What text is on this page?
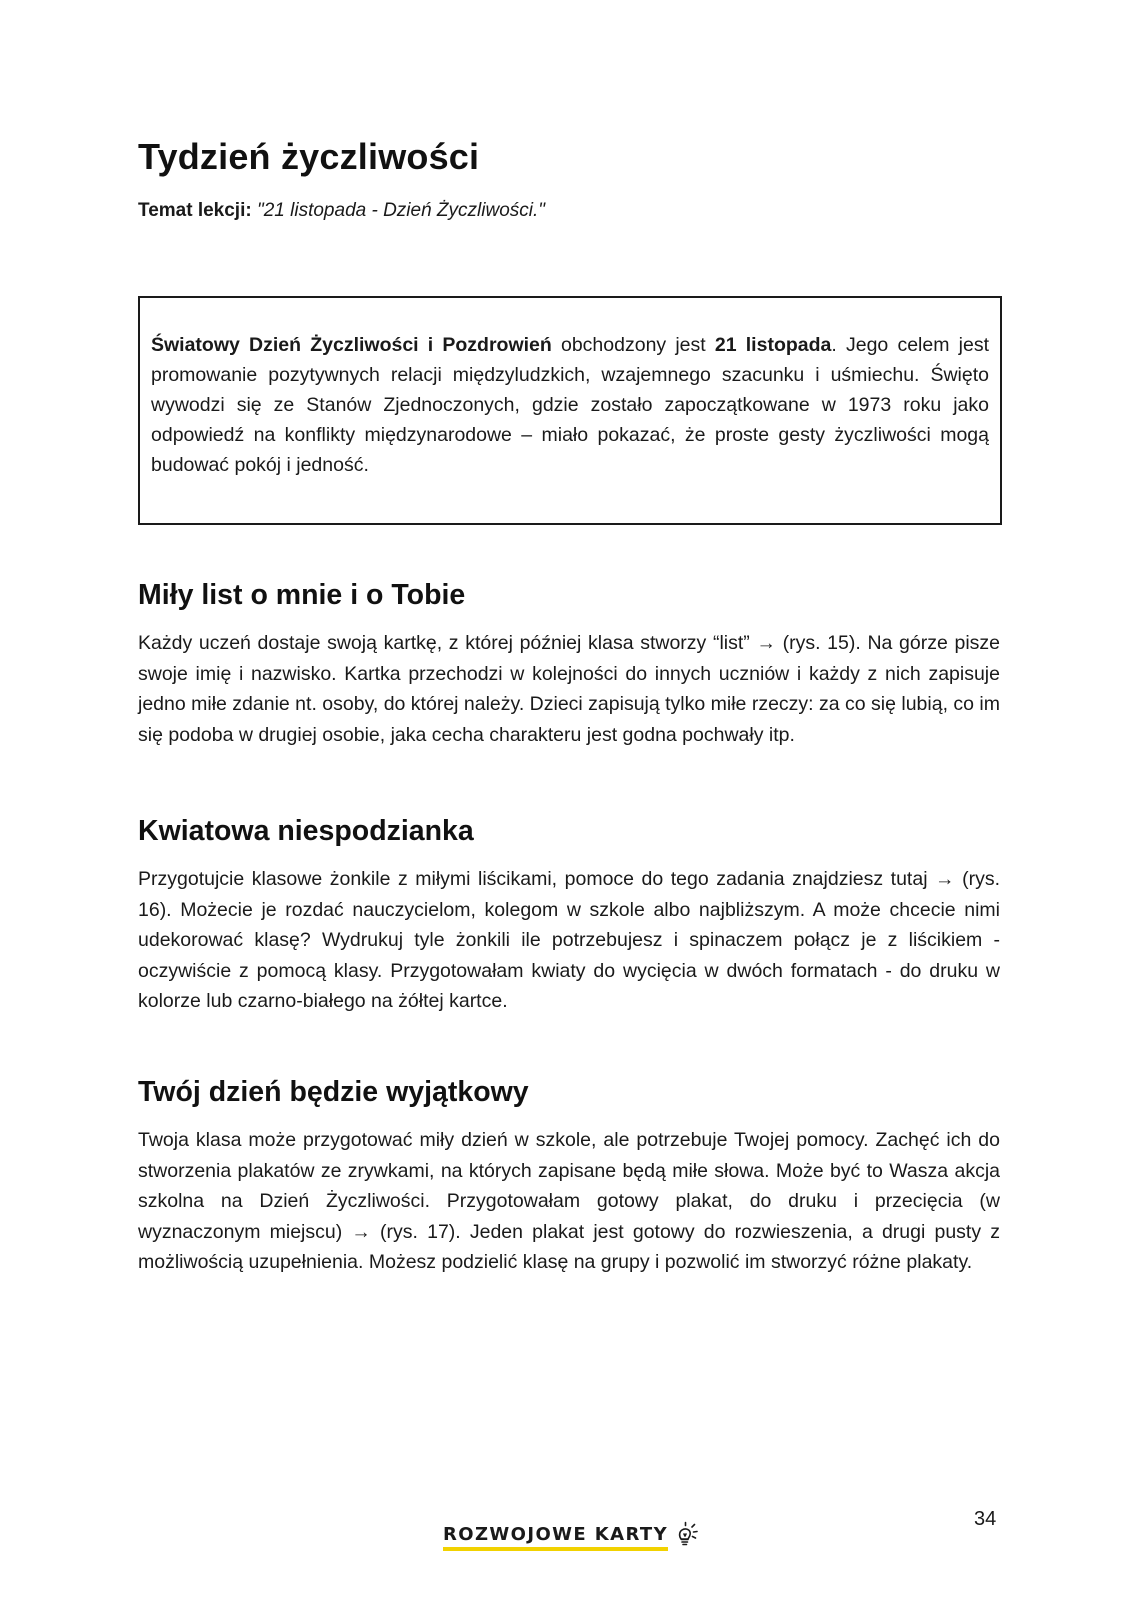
Tydzień życzliwości
Temat lekcji: "21 listopada - Dzień Życzliwości."
Światowy Dzień Życzliwości i Pozdrowień obchodzony jest 21 listopada. Jego celem jest promowanie pozytywnych relacji międzyludzkich, wzajemnego szacunku i uśmiechu. Święto wywodzi się ze Stanów Zjednoczonych, gdzie zostało zapoczątkowane w 1973 roku jako odpowiedź na konflikty międzynarodowe – miało pokazać, że proste gesty życzliwości mogą budować pokój i jedność.
Miły list o mnie i o Tobie

Każdy uczeń dostaje swoją kartkę, z której później klasa stworzy “list” → (rys. 15). Na górze pisze swoje imię i nazwisko. Kartka przechodzi w kolejności do innych uczniów i każdy z nich zapisuje jedno miłe zdanie nt. osoby, do której należy. Dzieci zapisują tylko miłe rzeczy: za co się lubią, co im się podoba w drugiej osobie, jaka cecha charakteru jest godna pochwały itp.

Kwiatowa niespodzianka

Przygotujcie klasowe żonkile z miłymi liścikami, pomoce do tego zadania znajdziesz tutaj → (rys. 16). Możecie je rozdać nauczycielom, kolegom w szkole albo najbliższym. A może chcecie nimi udekorować klasę? Wydrukuj tyle żonkili ile potrzebujesz i spinaczem połącz je z liścikiem - oczywiście z pomocą klasy. Przygotowałam kwiaty do wycięcia w dwóch formatach - do druku w kolorze lub czarno-białego na żółtej kartce.

Twój dzień będzie wyjątkowy

Twoja klasa może przygotować miły dzień w szkole, ale potrzebuje Twojej pomocy. Zachęć ich do stworzenia plakatów ze zrywkami, na których zapisane będą miłe słowa. Może być to Wasza akcja szkolna na Dzień Życzliwości. Przygotowałam gotowy plakat, do druku i przecięcia (w wyznaczonym miejscu) → (rys. 17). Jeden plakat jest gotowy do rozwieszenia, a drugi pusty z możliwością uzupełnienia. Możesz podzielić klasę na grupy i pozwolić im stworzyć różne plakaty.

ROZWOJOWE KARTY
34
